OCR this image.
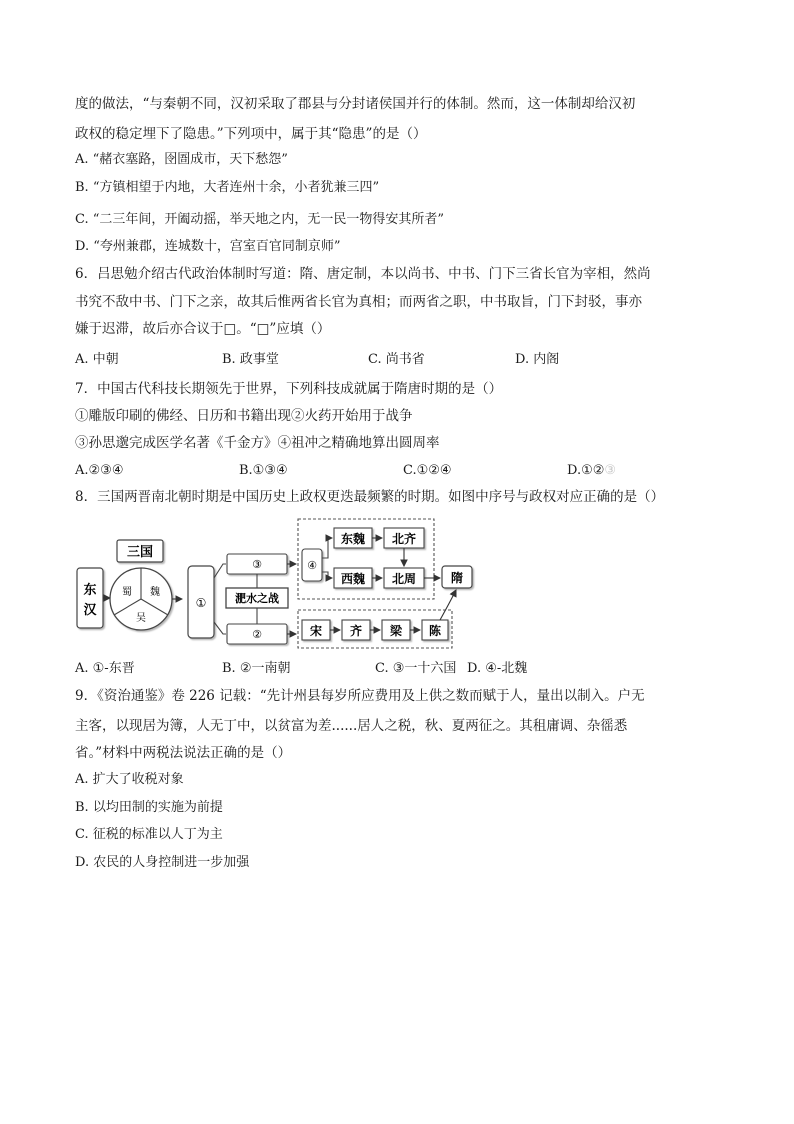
度的做法，“与秦朝不同，汉初采取了郡县与分封诸侯国并行的体制。然而，这一体制却给汉初
政权的稳定埋下了隐患。”下列项中，属于其“隐患”的是（）
A. “赭衣塞路，囹圄成市，天下愁怨”
B. “方镇相望于内地，大者连州十余，小者犹兼三四”
C. “二三年间，开阖动摇，举天地之内，无一民一物得安其所者”
D. “夸州兼郡，连城数十，宫室百官同制京师”
6．吕思勉介绍古代政治体制时写道：隋、唐定制，本以尚书、中书、门下三省长官为宰相，然尚
书究不敌中书、门下之亲，故其后惟两省长官为真相；而两省之职，中书取旨，门下封驳，事亦
嫌于迟滞，故后亦合议于□。“□”应填（）
A. 中朝	B. 政事堂	C. 尚书省	D. 内阁
7．中国古代科技长期领先于世界，下列科技成就属于隋唐时期的是（）
①雕版印刷的佛经、日历和书籍出现②火药开始用于战争
③孙思邈完成医学名著《千金方》④祖冲之精确地算出圆周率
A.②③④	B.①③④	C.①②④	D.①②③
8．三国两晋南北朝时期是中国历史上政权更迭最频繁的时期。如图中序号与政权对应正确的是（）
东
汉
三国
蜀 魏
吴
①
③
淝水之战
②
④
东魏 北齐
西魏 北周	隋
宋 齐 梁 陈
A. ①-东晋	B. ②一南朝	C. ③一十六国 D. ④-北魏
9．《资治通鉴》卷 226 记载：“先计州县每岁所应费用及上供之数而赋于人，量出以制入。户无
主客，以现居为簿，人无丁中，以贫富为差......居人之税，秋、夏两征之。其租庸调、杂徭悉
省。”材料中两税法说法正确的是（）
A. 扩大了收税对象
B. 以均田制的实施为前提
C. 征税的标准以人丁为主
D. 农民的人身控制进一步加强
